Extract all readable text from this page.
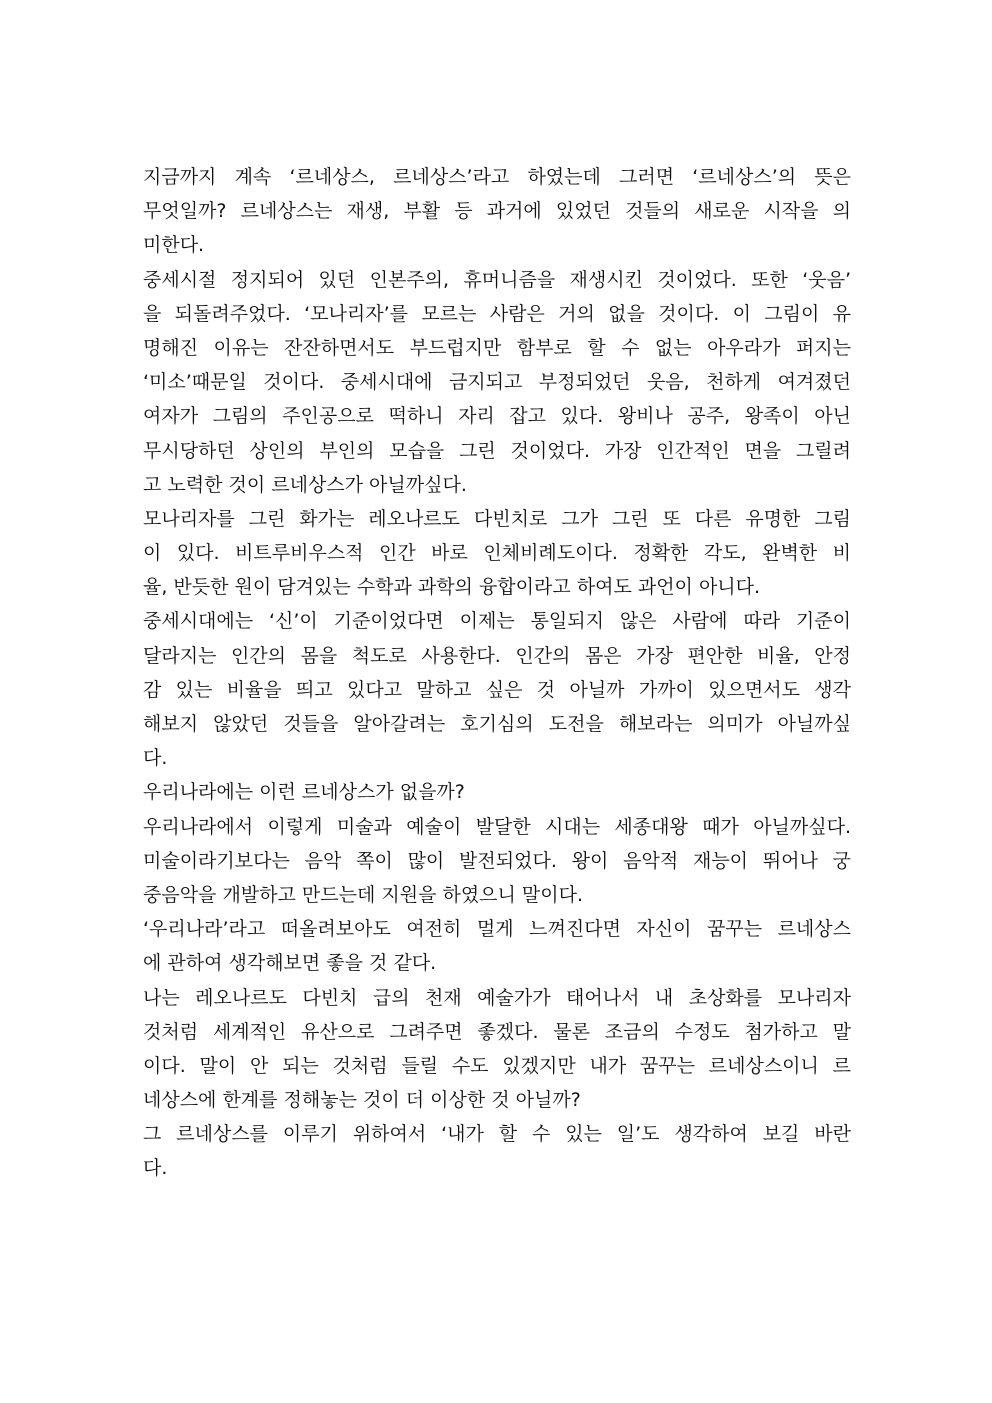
지금까지 계속 ‘르네상스, 르네상스’라고 하였는데 그러면 ‘르네상스’의 뜻은
무엇일까? 르네상스는 재생, 부활 등 과거에 있었던 것들의 새로운 시작을 의
미한다.
중세시절 정지되어 있던 인본주의, 휴머니즘을 재생시킨 것이었다. 또한 ‘웃음’
을 되돌려주었다. ‘모나리자’를 모르는 사람은 거의 없을 것이다. 이 그림이 유
명해진 이유는 잔잔하면서도 부드럽지만 함부로 할 수 없는 아우라가 퍼지는
‘미소’때문일 것이다. 중세시대에 금지되고 부정되었던 웃음, 천하게 여겨졌던
여자가 그림의 주인공으로 떡하니 자리 잡고 있다. 왕비나 공주, 왕족이 아닌
무시당하던 상인의 부인의 모습을 그린 것이었다. 가장 인간적인 면을 그릴려
고 노력한 것이 르네상스가 아닐까싶다.
모나리자를 그린 화가는 레오나르도 다빈치로 그가 그린 또 다른 유명한 그림
이 있다. 비트루비우스적 인간 바로 인체비례도이다. 정확한 각도, 완벽한 비
율, 반듯한 원이 담겨있는 수학과 과학의 융합이라고 하여도 과언이 아니다.
중세시대에는 ‘신’이 기준이었다면 이제는 통일되지 않은 사람에 따라 기준이
달라지는 인간의 몸을 척도로 사용한다. 인간의 몸은 가장 편안한 비율, 안정
감 있는 비율을 띄고 있다고 말하고 싶은 것 아닐까 가까이 있으면서도 생각
해보지 않았던 것들을 알아갈려는 호기심의 도전을 해보라는 의미가 아닐까싶
다.
우리나라에는 이런 르네상스가 없을까?
우리나라에서 이렇게 미술과 예술이 발달한 시대는 세종대왕 때가 아닐까싶다.
미술이라기보다는 음악 쪽이 많이 발전되었다. 왕이 음악적 재능이 뛰어나 궁
중음악을 개발하고 만드는데 지원을 하였으니 말이다.
‘우리나라’라고 떠올려보아도 여전히 멀게 느껴진다면 자신이 꿈꾸는 르네상스
에 관하여 생각해보면 좋을 것 같다.
나는 레오나르도 다빈치 급의 천재 예술가가 태어나서 내 초상화를 모나리자
것처럼 세계적인 유산으로 그려주면 좋겠다. 물론 조금의 수정도 첨가하고 말
이다. 말이 안 되는 것처럼 들릴 수도 있겠지만 내가 꿈꾸는 르네상스이니 르
네상스에 한계를 정해놓는 것이 더 이상한 것 아닐까?
그 르네상스를 이루기 위하여서 ‘내가 할 수 있는 일’도 생각하여 보길 바란
다.
